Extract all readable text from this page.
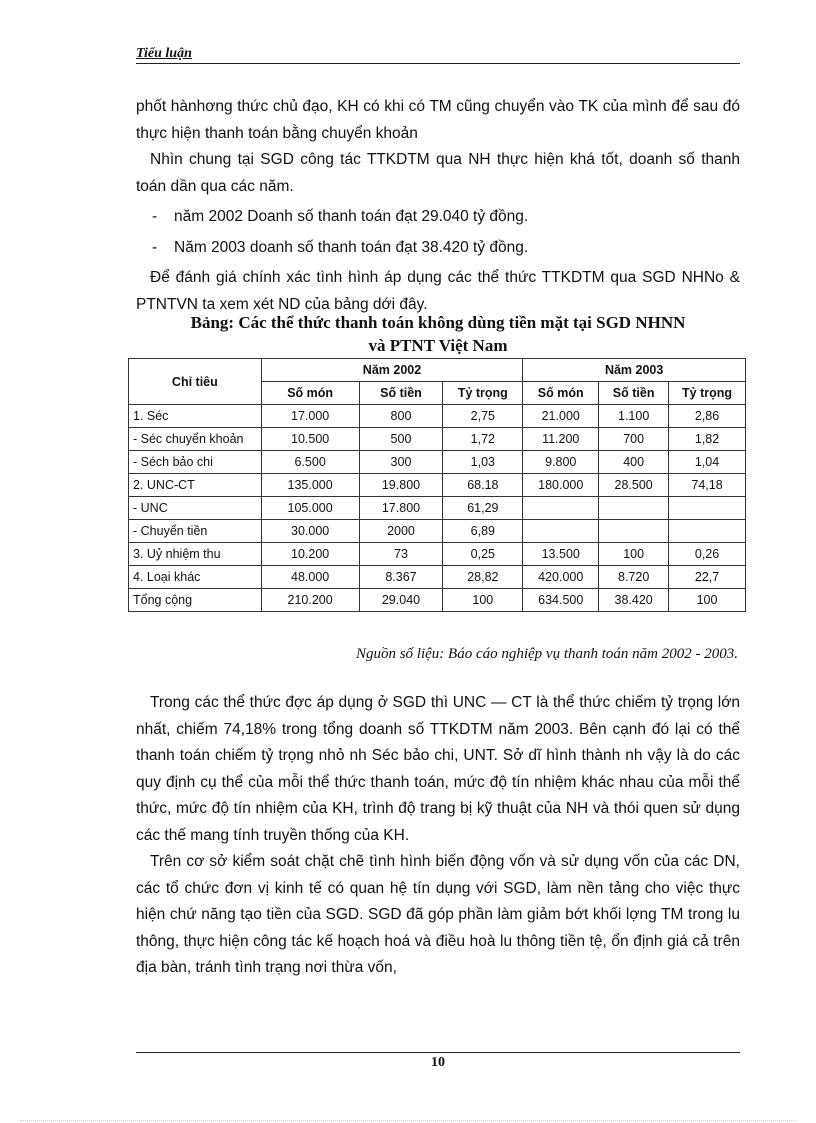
Tiểu luận

phốt hànhơng thức chủ đạo, KH có khi có TM cũng chuyển vào TK của mình để sau đó thực hiện thanh toán bằng chuyển khoản

Nhìn chung tại SGD công tác TTKDTM qua NH thực hiện khá tốt, doanh số thanh toán dần qua các năm.

- năm 2002 Doanh số thanh toán đạt 29.040 tỷ đồng.
- Năm 2003 doanh số thanh toán đạt 38.420 tỷ đồng.

Để đánh giá chính xác tình hình áp dụng các thể thức TTKDTM qua SGD NHNo & PTNTVN ta xem xét ND của bảng dới đây.

Bảng: Các thể thức thanh toán không dùng tiền mặt tại SGD NHNN
và PTNT Việt Nam
Chỉ tiêu	Năm 2002			Năm 2003		
	Số món	Số tiền	Tỷ trọng	Số món	Số tiền	Tỷ trọng
1. Séc	17.000	800	2,75	21.000	1.100	2,86
- Séc chuyển khoản	10.500	500	1,72	11.200	700	1,82
- Séch bảo chi	6.500	300	1,03	9.800	400	1,04
2. UNC-CT	135.000	19.800	68.18	180.000	28.500	74,18
- UNC	105.000	17.800	61,29			
- Chuyển tiền	30.000	2000	6,89			
3. Uỷ nhiệm thu	10.200	73	0,25	13.500	100	0,26
4. Loại khác	48.000	8.367	28,82	420.000	8.720	22,7
Tổng cộng	210.200	29.040	100	634.500	38.420	100
Nguồn số liệu: Báo cáo nghiệp vụ thanh toán năm 2002 - 2003.

Trong các thể thức đợc áp dụng ở SGD thì UNC — CT là thể thức chiếm tỷ trọng lớn nhất, chiếm 74,18% trong tổng doanh số TTKDTM năm 2003. Bên cạnh đó lại có thể thanh toán chiếm tỷ trọng nhỏ nh Séc bảo chi, UNT. Sở dĩ hình thành nh vậy là do các quy định cụ thể của mỗi thể thức thanh toán, mức độ tín nhiệm khác nhau của mỗi thể thức, mức độ tín nhiệm của KH, trình độ trang bị kỹ thuật của NH và thói quen sử dụng các thế mang tính truyền thống của KH.

Trên cơ sở kiểm soát chặt chẽ tình hình biến động vốn và sử dụng vốn của các DN, các tổ chức đơn vị kinh tế có quan hệ tín dụng với SGD, làm nền tảng cho việc thực hiện chứ năng tạo tiền của SGD. SGD đã góp phần làm giảm bớt khối lợng TM trong lu thông, thực hiện công tác kế hoạch hoá và điều hoà lu thông tiền tệ, ổn định giá cả trên địa bàn, tránh tình trạng nơi thừa vốn,

10
